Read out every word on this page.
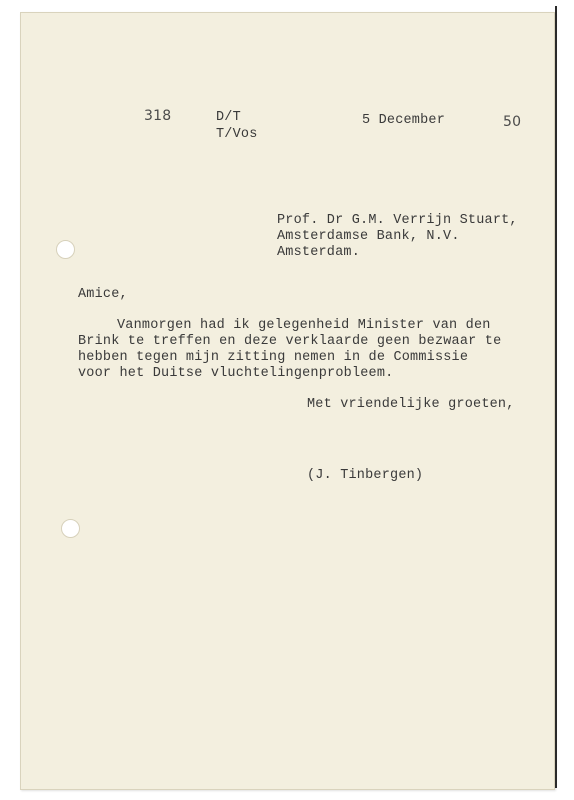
318	D/T
T/Vos
5 December	50
Prof. Dr G.M. Verrijn Stuart,
Amsterdamse Bank, N.V.
Amsterdam.
Amice,
Vanmorgen had ik gelegenheid Minister van den
Brink te treffen en deze verklaarde geen bezwaar te
hebben tegen mijn zitting nemen in de Commissie
voor het Duitse vluchtelingenprobleem.
Met vriendelijke groeten,
(J. Tinbergen)
